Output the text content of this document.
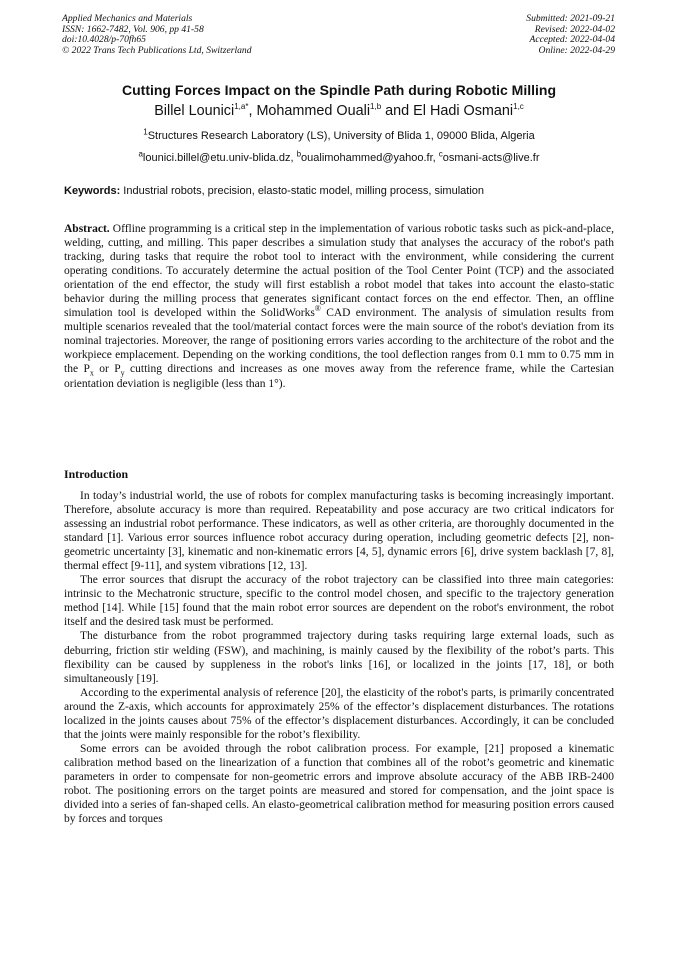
Applied Mechanics and Materials
ISSN: 1662-7482, Vol. 906, pp 41-58
doi:10.4028/p-70fh65
© 2022 Trans Tech Publications Ltd, Switzerland
Submitted: 2021-09-21
Revised: 2022-04-02
Accepted: 2022-04-04
Online: 2022-04-29
Cutting Forces Impact on the Spindle Path during Robotic Milling
Billel Lounici$^{1,a*}$, Mohammed Ouali$^{1,b}$ and El Hadi Osmani$^{1,c}$
$^1$Structures Research Laboratory (LS), University of Blida 1, 09000 Blida, Algeria
$^a$lounici.billel@etu.univ-blida.dz, $^b$oualimohammed@yahoo.fr, $^c$osmani-acts@live.fr
Keywords: Industrial robots, precision, elasto-static model, milling process, simulation
Abstract. Offline programming is a critical step in the implementation of various robotic tasks such as pick-and-place, welding, cutting, and milling. This paper describes a simulation study that analyses the accuracy of the robot's path tracking, during tasks that require the robot tool to interact with the environment, while considering the current operating conditions. To accurately determine the actual position of the Tool Center Point (TCP) and the associated orientation of the end effector, the study will first establish a robot model that takes into account the elasto-static behavior during the milling process that generates significant contact forces on the end effector. Then, an offline simulation tool is developed within the SolidWorks® CAD environment. The analysis of simulation results from multiple scenarios revealed that the tool/material contact forces were the main source of the robot's deviation from its nominal trajectories. Moreover, the range of positioning errors varies according to the architecture of the robot and the workpiece emplacement. Depending on the working conditions, the tool deflection ranges from 0.1 mm to 0.75 mm in the $P_x$ or $P_y$ cutting directions and increases as one moves away from the reference frame, while the Cartesian orientation deviation is negligible (less than 1°).
Introduction

In today’s industrial world, the use of robots for complex manufacturing tasks is becoming increasingly important. Therefore, absolute accuracy is more than required. Repeatability and pose accuracy are two critical indicators for assessing an industrial robot performance. These indicators, as well as other criteria, are thoroughly documented in the standard [1]. Various error sources influence robot accuracy during operation, including geometric defects [2], non-geometric uncertainty [3], kinematic and non-kinematic errors [4, 5], dynamic errors [6], drive system backlash [7, 8], thermal effect [9-11], and system vibrations [12, 13].

The error sources that disrupt the accuracy of the robot trajectory can be classified into three main categories: intrinsic to the Mechatronic structure, specific to the control model chosen, and specific to the trajectory generation method [14]. While [15] found that the main robot error sources are dependent on the robot's environment, the robot itself and the desired task must be performed.

The disturbance from the robot programmed trajectory during tasks requiring large external loads, such as deburring, friction stir welding (FSW), and machining, is mainly caused by the flexibility of the robot’s parts. This flexibility can be caused by suppleness in the robot's links [16], or localized in the joints [17, 18], or both simultaneously [19].

According to the experimental analysis of reference [20], the elasticity of the robot's parts, is primarily concentrated around the Z-axis, which accounts for approximately 25% of the effector’s displacement disturbances. The rotations localized in the joints causes about 75% of the effector’s displacement disturbances. Accordingly, it can be concluded that the joints were mainly responsible for the robot’s flexibility.

Some errors can be avoided through the robot calibration process. For example, [21] proposed a kinematic calibration method based on the linearization of a function that combines all of the robot’s geometric and kinematic parameters in order to compensate for non-geometric errors and improve absolute accuracy of the ABB IRB-2400 robot. The positioning errors on the target points are measured and stored for compensation, and the joint space is divided into a series of fan-shaped cells. An elasto-geometrical calibration method for measuring position errors caused by forces and torques
